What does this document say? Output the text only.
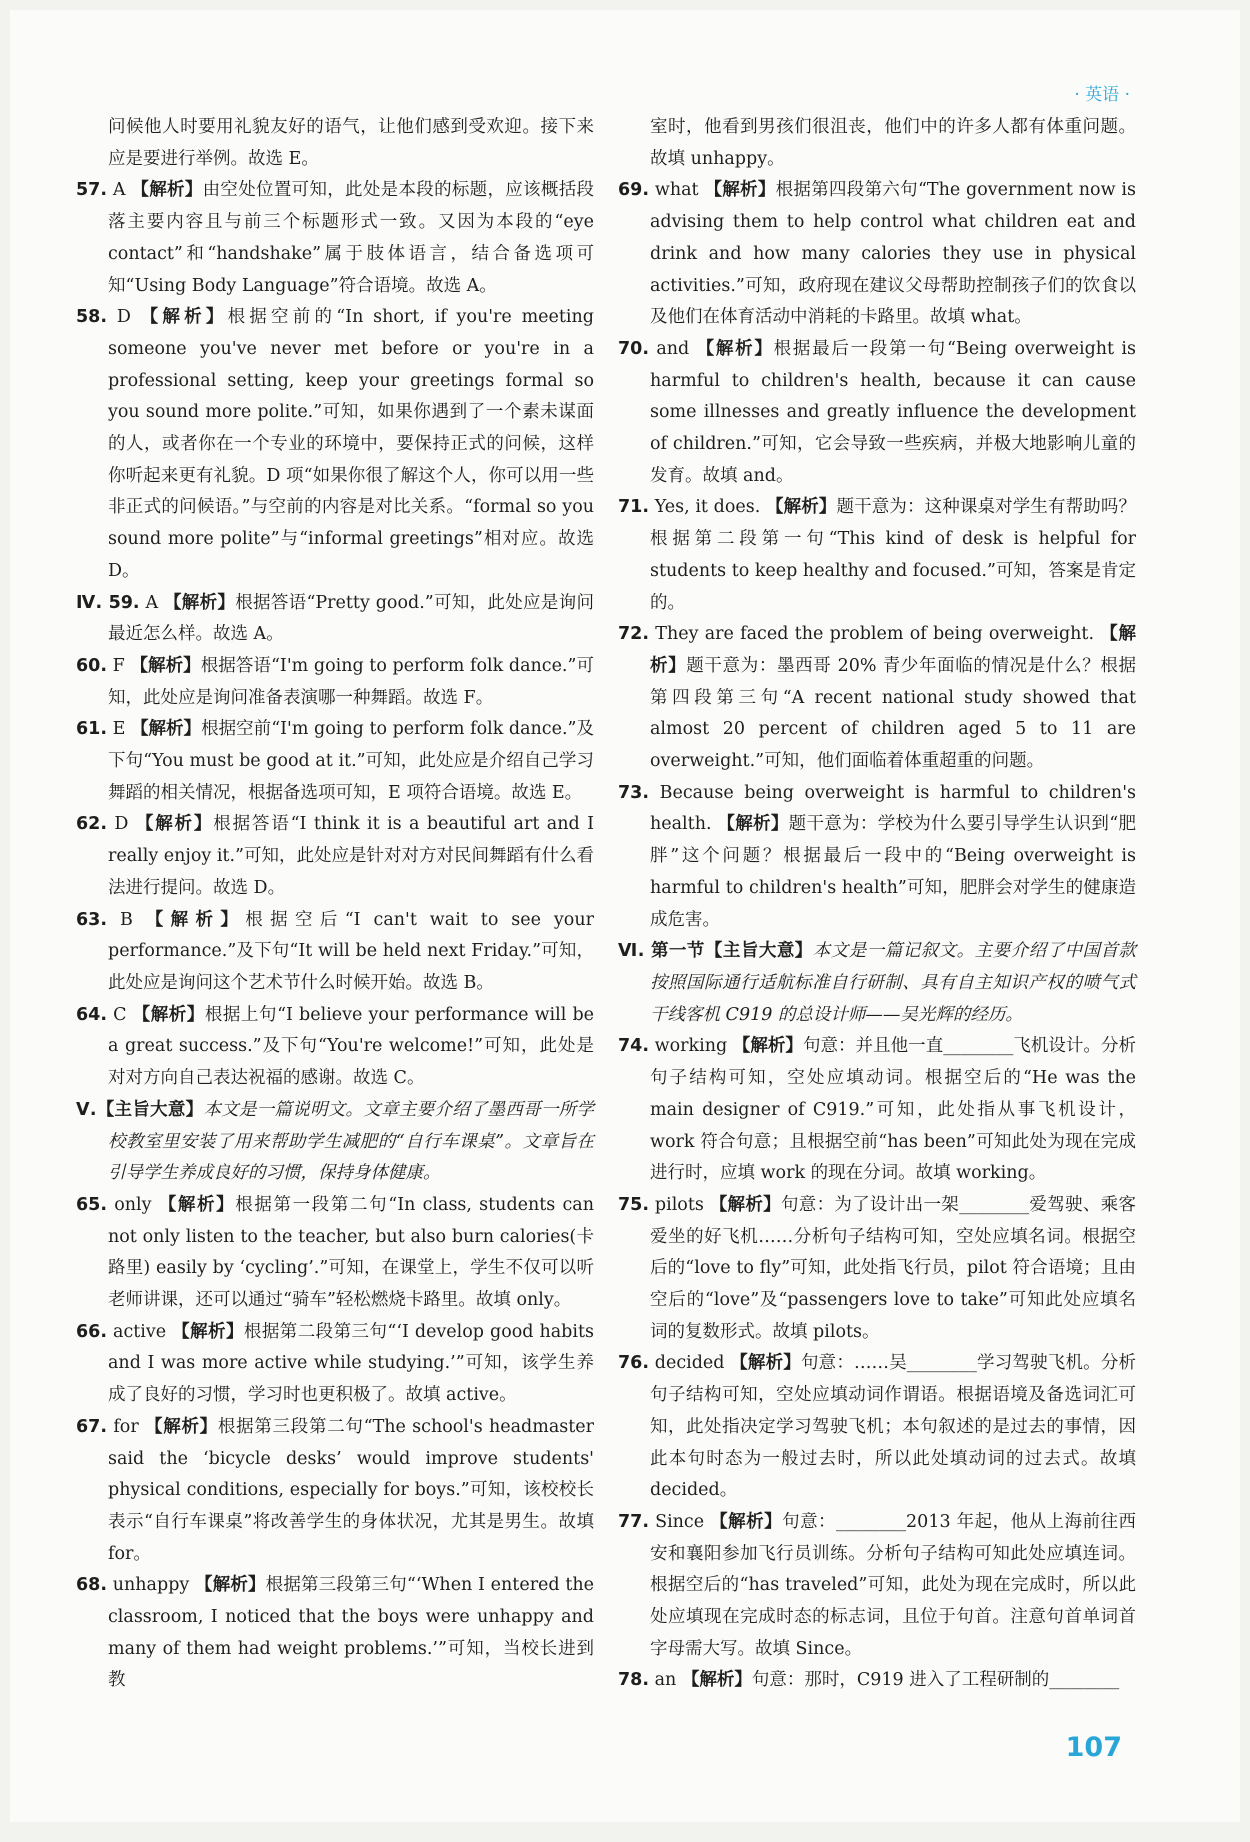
· 英语 ·

问候他人时要用礼貌友好的语气，让他们感到受欢迎。接下来应是要进行举例。故选 E。

57. A 【解析】由空处位置可知，此处是本段的标题，应该概括段落主要内容且与前三个标题形式一致。又因为本段的“eye contact”和“handshake”属于肢体语言，结合备选项可知“Using Body Language”符合语境。故选 A。

58. D 【解析】根据空前的“In short, if you're meeting someone you've never met before or you're in a professional setting, keep your greetings formal so you sound more polite.”可知，如果你遇到了一个素未谋面的人，或者你在一个专业的环境中，要保持正式的问候，这样你听起来更有礼貌。D 项“如果你很了解这个人，你可以用一些非正式的问候语。”与空前的内容是对比关系。“formal so you sound more polite”与“informal greetings”相对应。故选 D。

Ⅳ. 59. A 【解析】根据答语“Pretty good.”可知，此处应是询问最近怎么样。故选 A。

60. F 【解析】根据答语“I'm going to perform folk dance.”可知，此处应是询问准备表演哪一种舞蹈。故选 F。

61. E 【解析】根据空前“I'm going to perform folk dance.”及下句“You must be good at it.”可知，此处应是介绍自己学习舞蹈的相关情况，根据备选项可知，E 项符合语境。故选 E。

62. D 【解析】根据答语“I think it is a beautiful art and I really enjoy it.”可知，此处应是针对对方对民间舞蹈有什么看法进行提问。故选 D。

63. B 【解析】根据空后“I can't wait to see your performance.”及下句“It will be held next Friday.”可知，此处应是询问这个艺术节什么时候开始。故选 B。

64. C 【解析】根据上句“I believe your performance will be a great success.”及下句“You're welcome!”可知，此处是对对方向自己表达祝福的感谢。故选 C。

Ⅴ.【主旨大意】本文是一篇说明文。文章主要介绍了墨西哥一所学校教室里安装了用来帮助学生减肥的“自行车课桌”。文章旨在引导学生养成良好的习惯，保持身体健康。

65. only 【解析】根据第一段第二句“In class, students can not only listen to the teacher, but also burn calories(卡路里) easily by ‘cycling’.”可知，在课堂上，学生不仅可以听老师讲课，还可以通过“骑车”轻松燃烧卡路里。故填 only。

66. active 【解析】根据第二段第三句“‘I develop good habits and I was more active while studying.’”可知，该学生养成了良好的习惯，学习时也更积极了。故填 active。

67. for 【解析】根据第三段第二句“The school's headmaster said the ‘bicycle desks’ would improve students' physical conditions, especially for boys.”可知，该校校长表示“自行车课桌”将改善学生的身体状况，尤其是男生。故填 for。

68. unhappy 【解析】根据第三段第三句“‘When I entered the classroom, I noticed that the boys were unhappy and many of them had weight problems.’”可知，当校长进到教

室时，他看到男孩们很沮丧，他们中的许多人都有体重问题。故填 unhappy。

69. what 【解析】根据第四段第六句“The government now is advising them to help control what children eat and drink and how many calories they use in physical activities.”可知，政府现在建议父母帮助控制孩子们的饮食以及他们在体育活动中消耗的卡路里。故填 what。

70. and 【解析】根据最后一段第一句“Being overweight is harmful to children's health, because it can cause some illnesses and greatly influence the development of children.”可知，它会导致一些疾病，并极大地影响儿童的发育。故填 and。

71. Yes, it does. 【解析】题干意为：这种课桌对学生有帮助吗？根据第二段第一句“This kind of desk is helpful for students to keep healthy and focused.”可知，答案是肯定的。

72. They are faced the problem of being overweight. 【解析】题干意为：墨西哥 20% 青少年面临的情况是什么？根据第四段第三句“A recent national study showed that almost 20 percent of children aged 5 to 11 are overweight.”可知，他们面临着体重超重的问题。

73. Because being overweight is harmful to children's health. 【解析】题干意为：学校为什么要引导学生认识到“肥胖”这个问题？根据最后一段中的“Being overweight is harmful to children's health”可知，肥胖会对学生的健康造成危害。

Ⅵ. 第一节【主旨大意】本文是一篇记叙文。主要介绍了中国首款按照国际通行适航标准自行研制、具有自主知识产权的喷气式干线客机 C919 的总设计师——吴光辉的经历。

74. working 【解析】句意：并且他一直________飞机设计。分析句子结构可知，空处应填动词。根据空后的“He was the main designer of C919.”可知，此处指从事飞机设计，work 符合句意；且根据空前“has been”可知此处为现在完成进行时，应填 work 的现在分词。故填 working。

75. pilots 【解析】句意：为了设计出一架________爱驾驶、乘客爱坐的好飞机……分析句子结构可知，空处应填名词。根据空后的“love to fly”可知，此处指飞行员，pilot 符合语境；且由空后的“love”及“passengers love to take”可知此处应填名词的复数形式。故填 pilots。

76. decided 【解析】句意：……吴________学习驾驶飞机。分析句子结构可知，空处应填动词作谓语。根据语境及备选词汇可知，此处指决定学习驾驶飞机；本句叙述的是过去的事情，因此本句时态为一般过去时，所以此处填动词的过去式。故填 decided。

77. Since 【解析】句意：________2013 年起，他从上海前往西安和襄阳参加飞行员训练。分析句子结构可知此处应填连词。根据空后的“has traveled”可知，此处为现在完成时，所以此处应填现在完成时态的标志词，且位于句首。注意句首单词首字母需大写。故填 Since。

78. an 【解析】句意：那时，C919 进入了工程研制的________

107
